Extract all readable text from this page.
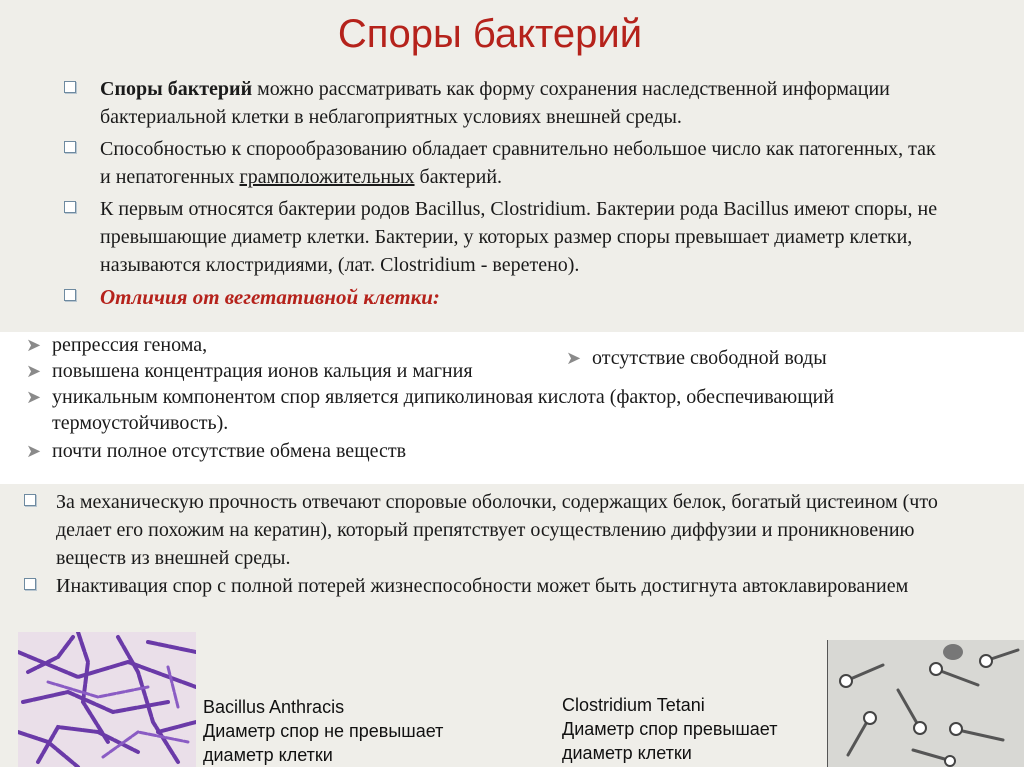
Споры бактерий
Споры бактерий можно рассматривать как форму сохранения наследственной информации бактериальной клетки в неблагоприятных условиях внешней среды.
Способностью к спорообразованию обладает сравнительно небольшое число как патогенных, так и непатогенных грамположительных бактерий.
К первым относятся бактерии родов Bacillus, Clostridium. Бактерии рода Bacillus имеют споры, не превышающие диаметр клетки. Бактерии, у которых размер споры превышает диаметр клетки, называются клостридиями, (лат. Clostridium - веретено).
Отличия от вегетативной клетки:
➤ репрессия генома,
➤ повышена концентрация ионов кальция и магния
➤ отсутствие свободной воды
➤ уникальным компонентом спор является дипиколиновая кислота (фактор, обеспечивающий термоустойчивость).
➤ почти полное отсутствие обмена веществ
За механическую прочность отвечают споровые оболочки, содержащих белок, богатый цистеином (что делает его похожим на кератин), который препятствует осуществлению диффузии и проникновению веществ из внешней среды.
Инактивация спор с полной потерей жизнеспособности может быть достигнута автоклавированием
Bacillus Anthracis
Диаметр спор не превышает
диаметр клетки
Clostridium Tetani
Диаметр спор превышает
диаметр клетки
